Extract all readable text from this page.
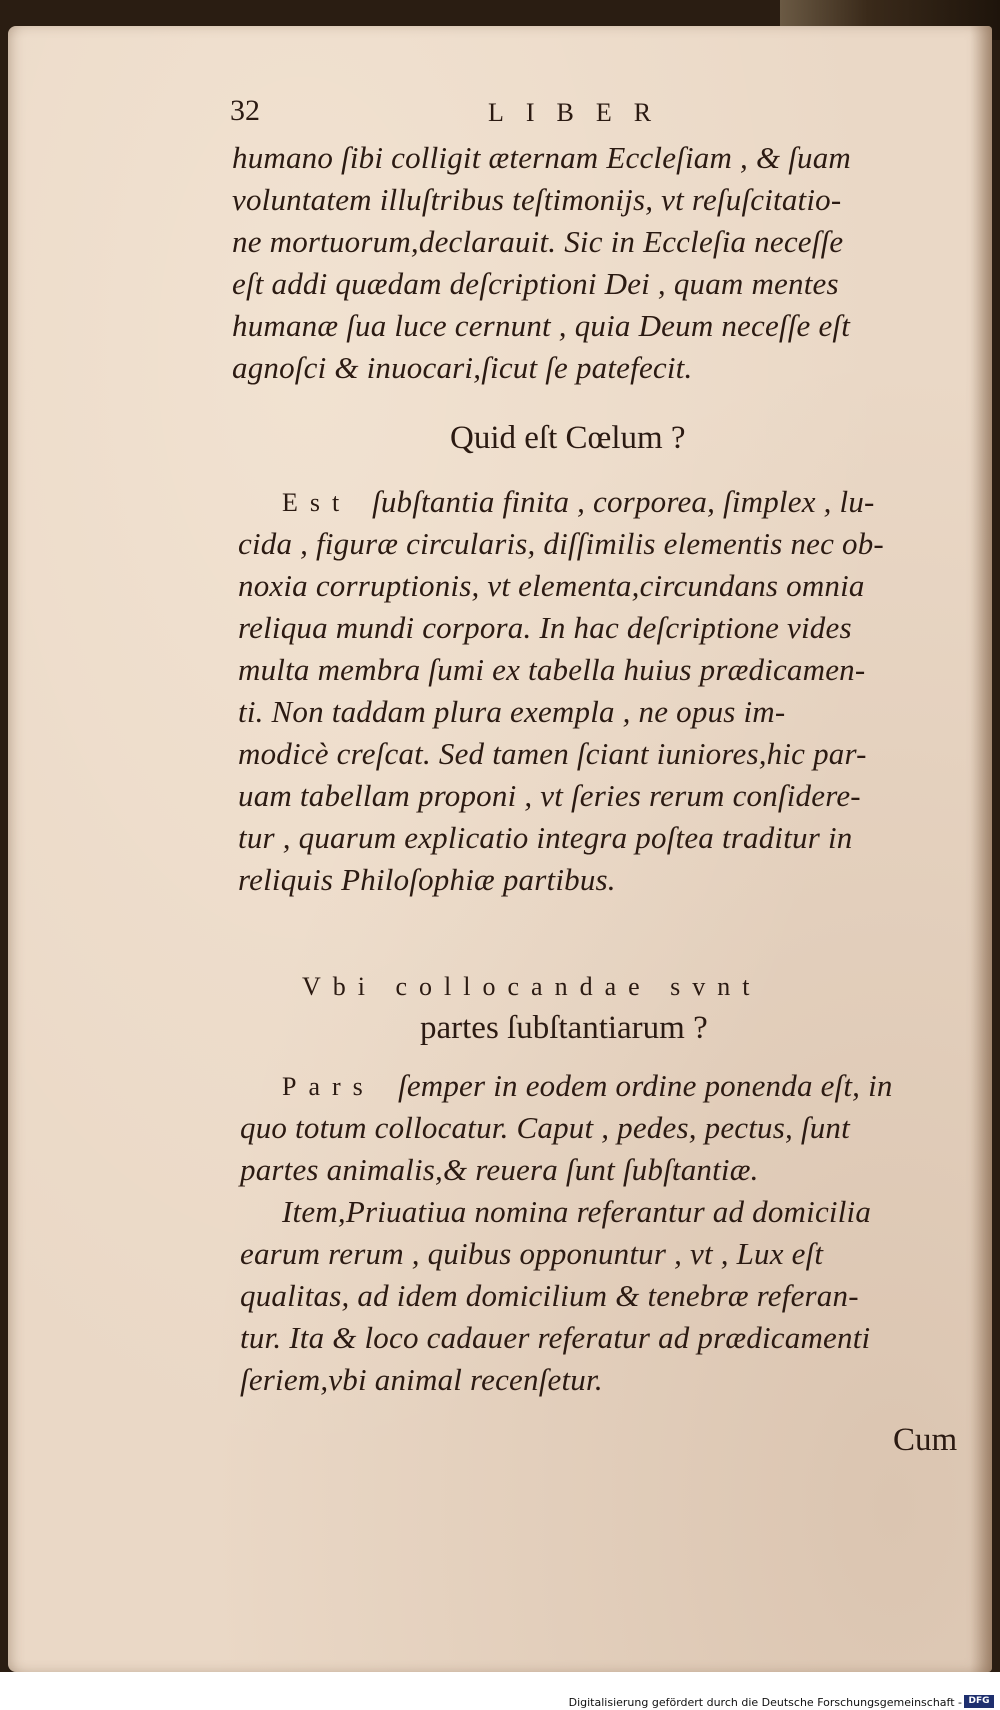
32	LIBER
humano ſibi colligit æternam Eccleſiam , & ſuam
voluntatem illuſtribus teſtimonijs, vt reſuſcitatio-
ne mortuorum,declarauit. Sic in Eccleſia neceſſe
eſt addi quædam deſcriptioni Dei , quam mentes
humanæ ſua luce cernunt , quia Deum neceſſe eſt
agnoſci & inuocari,ſicut ſe patefecit.
Quid eſt Cœlum ?
Est ſubſtantia finita , corporea, ſimplex , lu-
cida , figuræ circularis, diſſimilis elementis nec ob-
noxia corruptionis, vt elementa,circundans omnia
reliqua mundi corpora. In hac deſcriptione vides
multa membra ſumi ex tabella huius prædicamen-
ti. Non taddam plura exempla , ne opus im-
modicè creſcat. Sed tamen ſciant iuniores,hic par-
uam tabellam proponi , vt ſeries rerum conſidere-
tur , quarum explicatio integra poſtea traditur in
reliquis Philoſophiæ partibus.
Vbi collocandae svnt
partes ſubſtantiarum ?
Pars ſemper in eodem ordine ponenda eſt, in
quo totum collocatur. Caput , pedes, pectus, ſunt
partes animalis,& reuera ſunt ſubſtantiæ.
Item,Priuatiua nomina referantur ad domicilia
earum rerum , quibus opponuntur , vt , Lux eſt
qualitas, ad idem domicilium & tenebræ referan-
tur. Ita & loco cadauer referatur ad prædicamenti
ſeriem,vbi animal recenſetur.
Cum
Digitalisierung gefördert durch die Deutsche Forschungsgemeinschaft - DFG
